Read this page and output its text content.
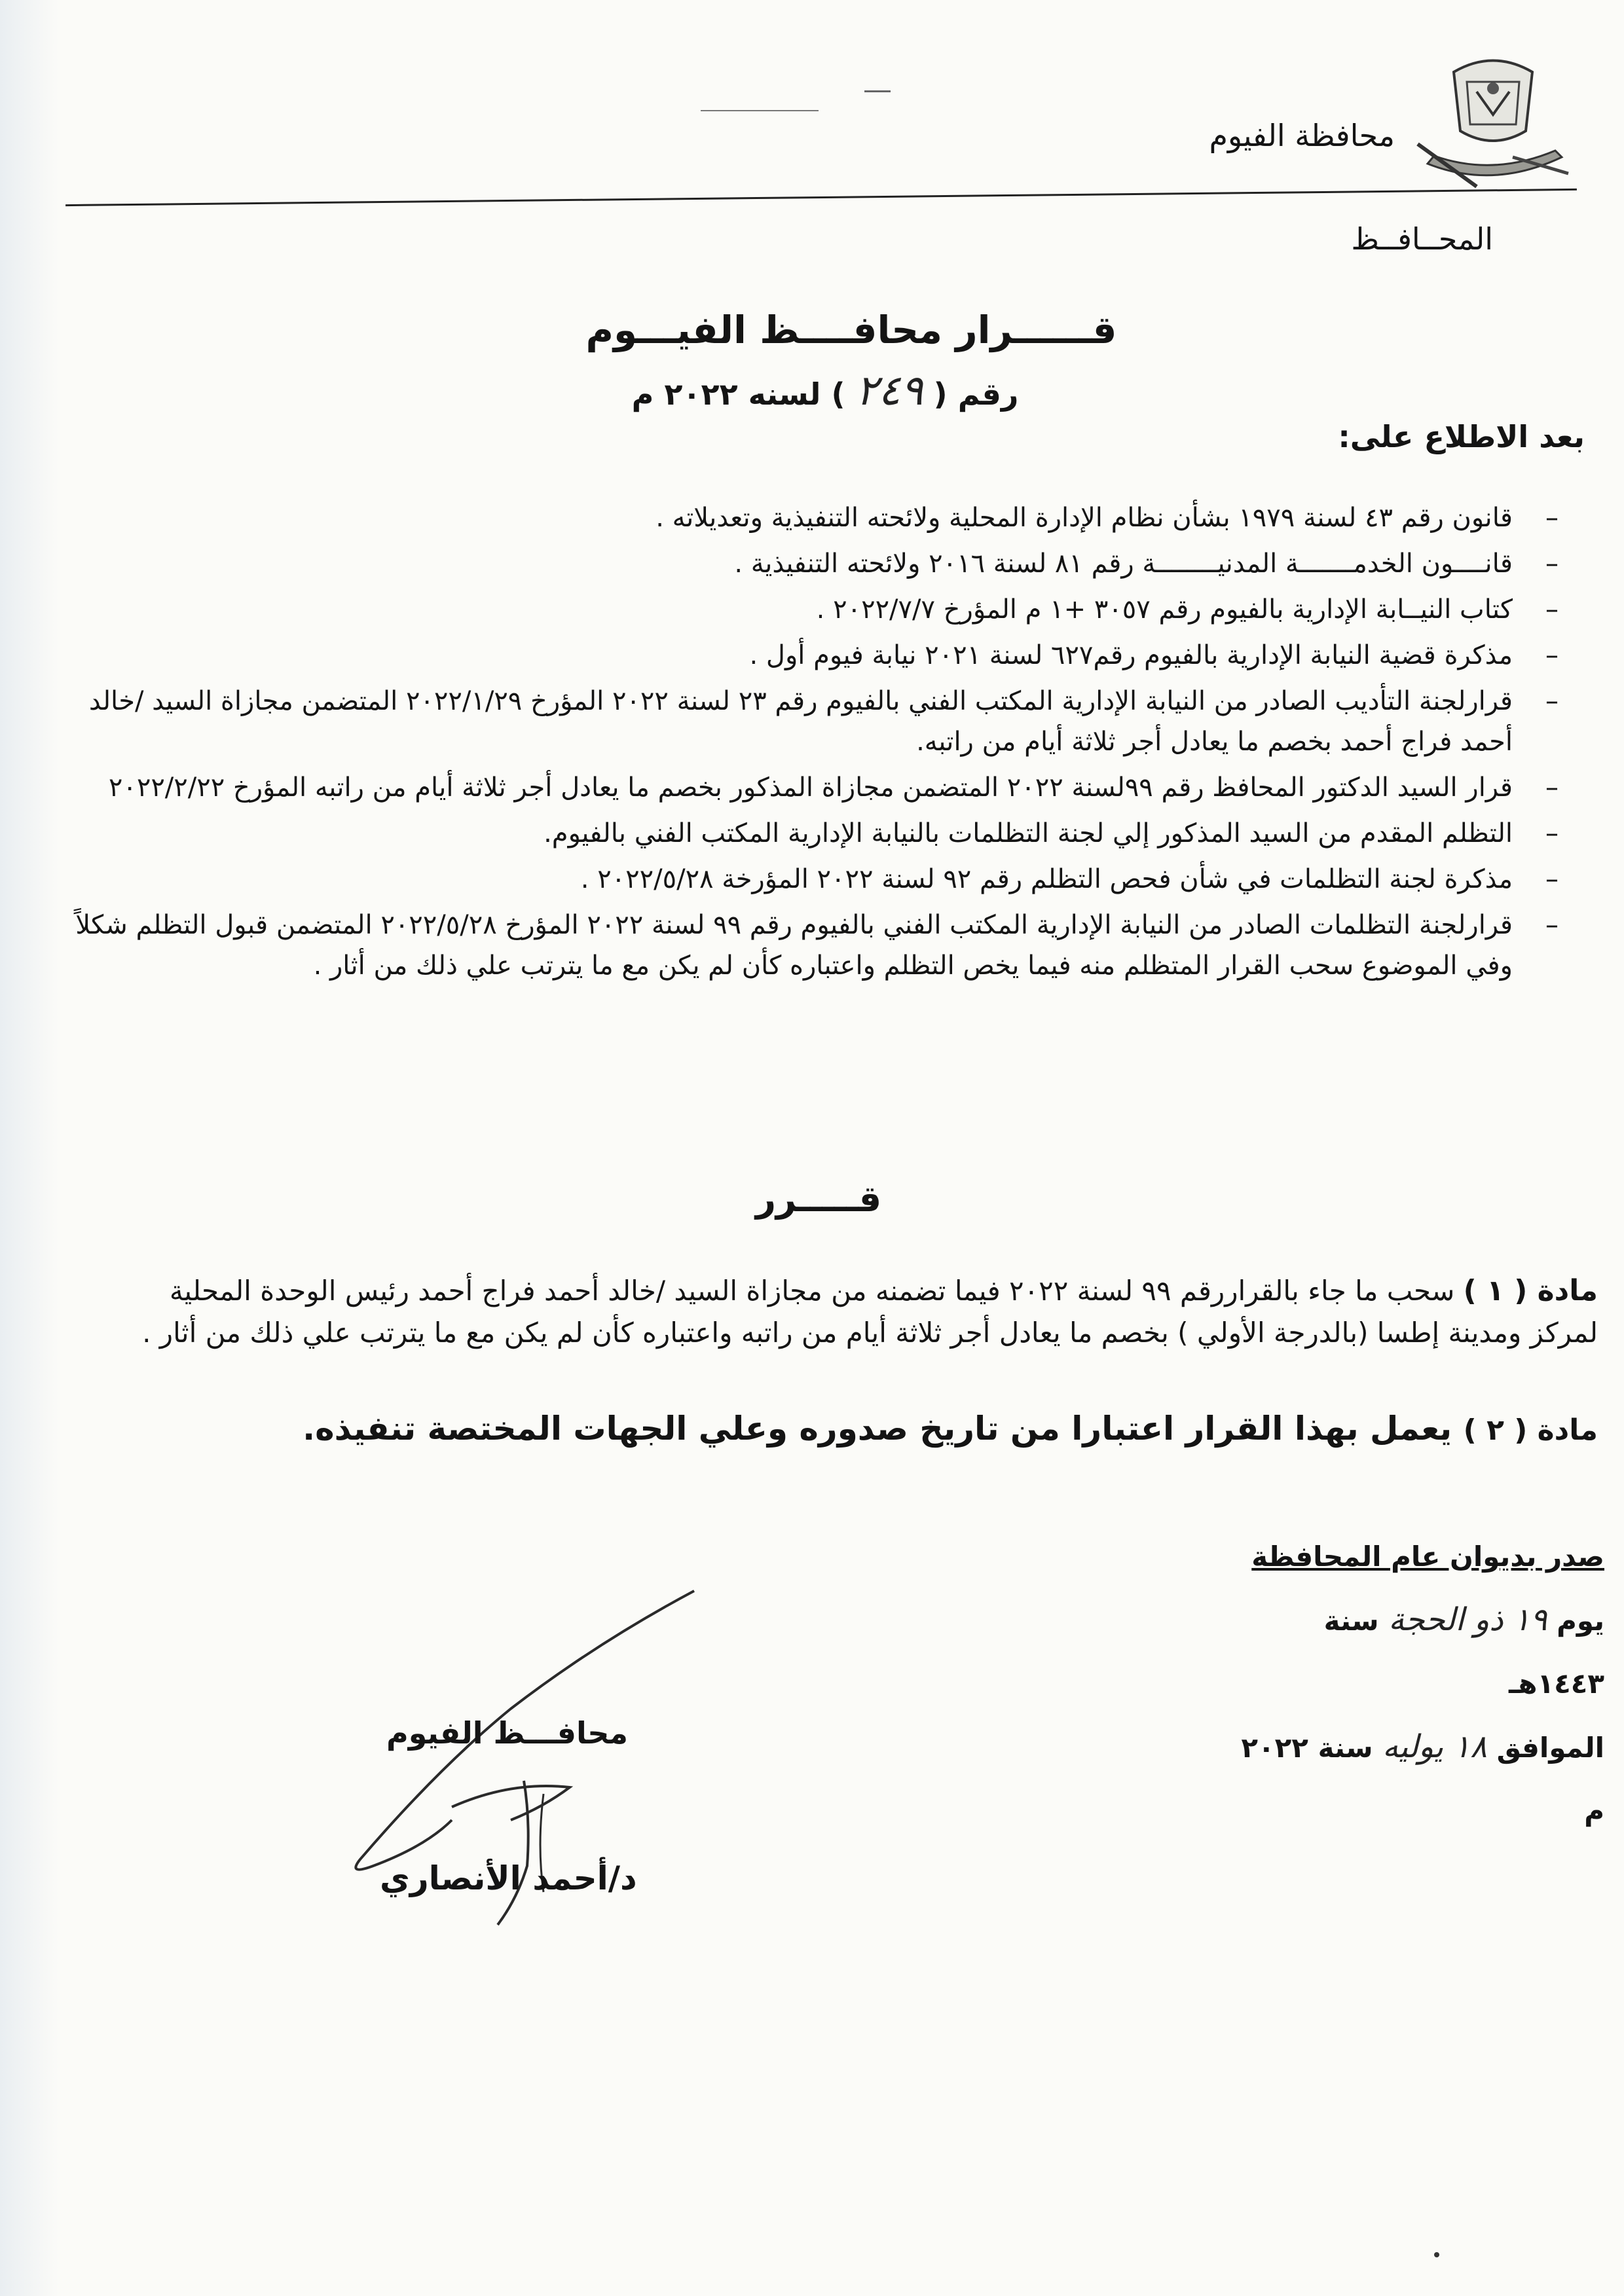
محافظة الفيوم
المحــافــظ
قــــــرار محافــــظ الفيـــوم
رقم ( ٢٤٩ ) لسنه ٢٠٢٢ م
بعد الاطلاع على:
– قانون رقم ٤٣ لسنة ١٩٧٩ بشأن نظام الإدارة المحلية ولائحته التنفيذية وتعديلاته .
– قانــــون الخدمـــــــة المدنيــــــــة رقم ٨١ لسنة ٢٠١٦ ولائحته التنفيذية .
– كتاب النيــابة الإدارية بالفيوم رقم ٣٠٥٧ +١ م المؤرخ ٢٠٢٢/٧/٧ .
– مذكرة قضية النيابة الإدارية بالفيوم رقم٦٢٧ لسنة ٢٠٢١ نيابة فيوم أول .
– قرارلجنة التأديب الصادر من النيابة الإدارية المكتب الفني بالفيوم رقم ٢٣ لسنة ٢٠٢٢ المؤرخ ٢٠٢٢/١/٢٩ المتضمن مجازاة السيد /خالد أحمد فراج أحمد بخصم ما يعادل أجر ثلاثة أيام من راتبه.
– قرار السيد الدكتور المحافظ رقم ٩٩لسنة ٢٠٢٢ المتضمن مجازاة المذكور بخصم ما يعادل أجر ثلاثة أيام من راتبه المؤرخ ٢٠٢٢/٢/٢٢
– التظلم المقدم من السيد المذكور إلي لجنة التظلمات بالنيابة الإدارية المكتب الفني بالفيوم.
– مذكرة لجنة التظلمات في شأن فحص التظلم رقم ٩٢ لسنة ٢٠٢٢ المؤرخة ٢٠٢٢/٥/٢٨ .
– قرارلجنة التظلمات الصادر من النيابة الإدارية المكتب الفني بالفيوم رقم ٩٩ لسنة ٢٠٢٢ المؤرخ ٢٠٢٢/٥/٢٨ المتضمن قبول التظلم شكلاً وفي الموضوع سحب القرار المتظلم منه فيما يخص التظلم واعتباره كأن لم يكن مع ما يترتب علي ذلك من أثار .
قـــــرر
مادة ( ١ ) سحب ما جاء بالقراررقم ٩٩ لسنة ٢٠٢٢ فيما تضمنه من مجازاة السيد /خالد أحمد فراج أحمد رئيس الوحدة المحلية لمركز ومدينة إطسا (بالدرجة الأولي ) بخصم ما يعادل أجر ثلاثة أيام من راتبه واعتباره كأن لم يكن مع ما يترتب علي ذلك من أثار .
مادة ( ٢ ) يعمل بهذا القرار اعتبارا من تاريخ صدوره وعلي الجهات المختصة تنفيذه.
صدر بديوان عام المحافظة
يوم ١٩ ذو الحجة سنة ١٤٤٣هـ
الموافق ١٨ يوليه سنة ٢٠٢٢ م
محافـــظ الفيوم
د/أحمد الأنصاري
